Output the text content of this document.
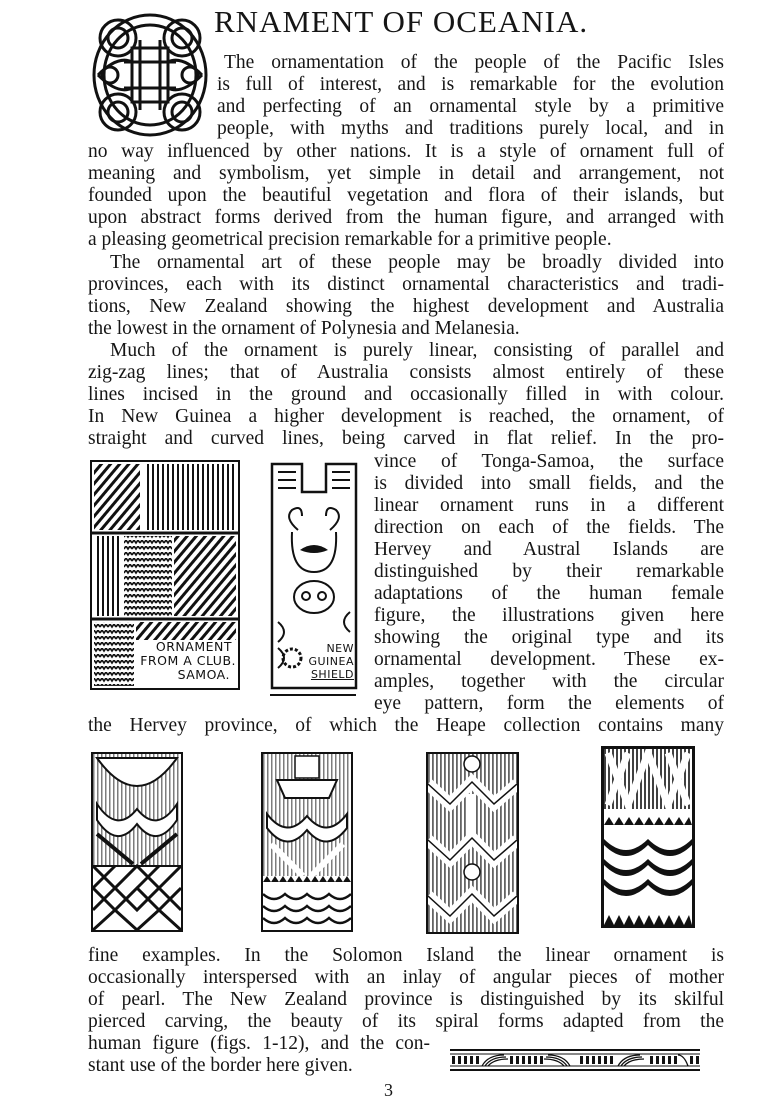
RNAMENT OF OCEANIA.
The ornamentation of the people of the Pacific Isles
is full of interest, and is remarkable for the evolution
and perfecting of an ornamental style by a primitive
people, with myths and traditions purely local, and in
no way influenced by other nations. It is a style of ornament full of
meaning and symbolism, yet simple in detail and arrangement, not
founded upon the beautiful vegetation and flora of their islands, but
upon abstract forms derived from the human figure, and arranged with
a pleasing geometrical precision remarkable for a primitive people.
The ornamental art of these people may be broadly divided into
provinces, each with its distinct ornamental characteristics and tradi-
tions, New Zealand showing the highest development and Australia
the lowest in the ornament of Polynesia and Melanesia.
Much of the ornament is purely linear, consisting of parallel and
zig-zag lines; that of Australia consists almost entirely of these
lines incised in the ground and occasionally filled in with colour.
In New Guinea a higher development is reached, the ornament, of
straight and curved lines, being carved in flat relief. In the pro-
vince of Tonga-Samoa, the surface
is divided into small fields, and the
linear ornament runs in a different
direction on each of the fields. The
Hervey and Austral Islands are
distinguished by their remarkable
adaptations of the human female
figure, the illustrations given here
showing the original type and its
ornamental development. These ex-
amples, together with the circular
eye pattern, form the elements of
the Hervey province, of which the Heape collection contains many
ORNAMENT
FROM A CLUB.
SAMOA.
NEW
GUINEA
SHIELD
fine examples. In the Solomon Island the linear ornament is
occasionally interspersed with an inlay of angular pieces of mother
of pearl. The New Zealand province is distinguished by its skilful
pierced carving, the beauty of its spiral forms adapted from the
human figure (figs. 1-12), and the con-
stant use of the border here given.
3
